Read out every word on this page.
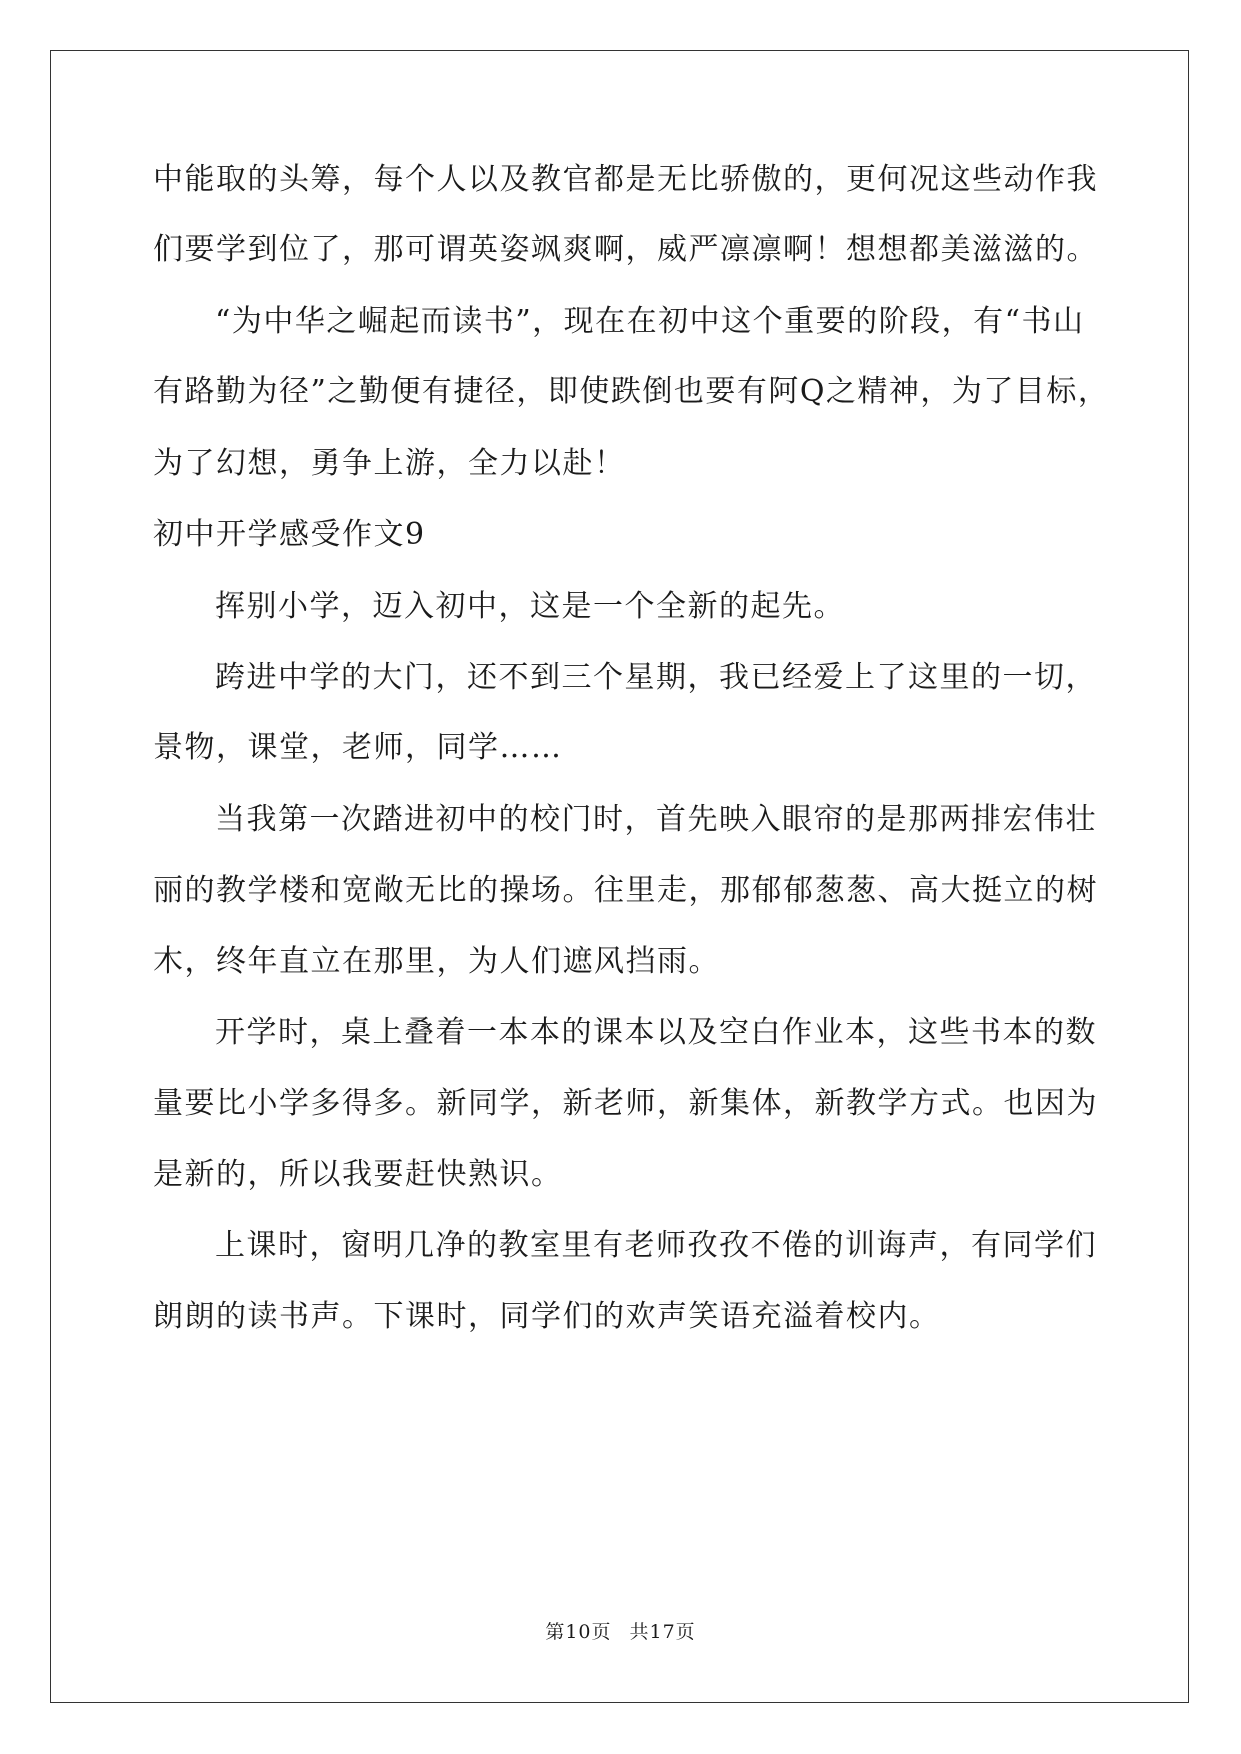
中能取的头筹，每个人以及教官都是无比骄傲的，更何况这些动作我
们要学到位了，那可谓英姿飒爽啊，威严凛凛啊！想想都美滋滋的。
“为中华之崛起而读书”，现在在初中这个重要的阶段，有“书山
有路勤为径”之勤便有捷径，即使跌倒也要有阿Q之精神，为了目标，
为了幻想，勇争上游，全力以赴！
初中开学感受作文9
挥别小学，迈入初中，这是一个全新的起先。
跨进中学的大门，还不到三个星期，我已经爱上了这里的一切，
景物，课堂，老师，同学……
当我第一次踏进初中的校门时，首先映入眼帘的是那两排宏伟壮
丽的教学楼和宽敞无比的操场。往里走，那郁郁葱葱、高大挺立的树
木，终年直立在那里，为人们遮风挡雨。
开学时，桌上叠着一本本的课本以及空白作业本，这些书本的数
量要比小学多得多。新同学，新老师，新集体，新教学方式。也因为
是新的，所以我要赶快熟识。
上课时，窗明几净的教室里有老师孜孜不倦的训诲声，有同学们
朗朗的读书声。下课时，同学们的欢声笑语充溢着校内。
第10页 共17页
